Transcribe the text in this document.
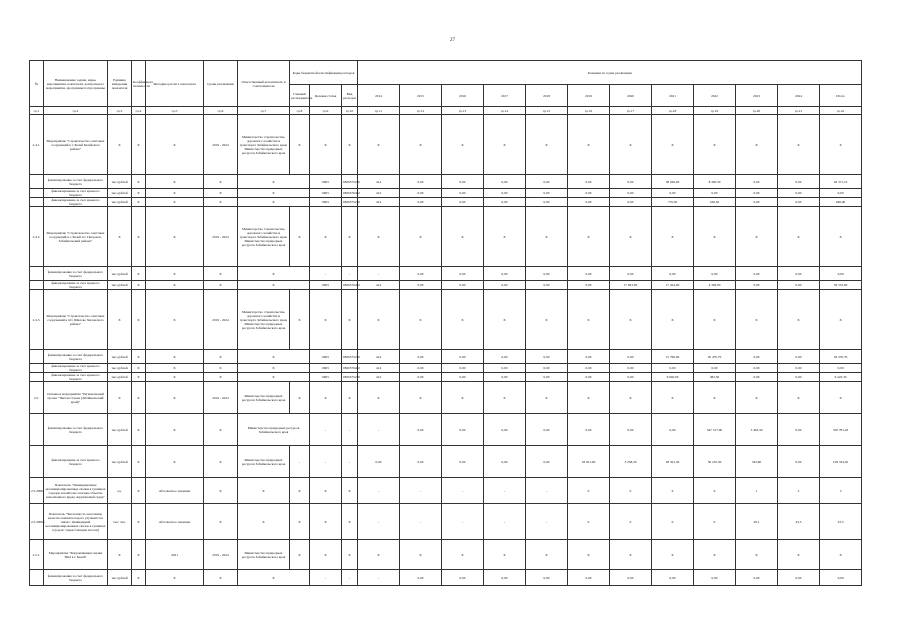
27
№	Наименование задачи, меры, мероприятия, показателя, контрольного мероприятия, программы/госпрограммы	Единица измерения показателя	Коэффициент значимости	Методика расчета показателя	Сроки реализации	Ответственный исполнитель и соисполнители	Коды бюджетной классификации расходов			Значения по годам реализации											
							Главный распорядитель	Целевая статья	Вид расходов	2014	2015	2016	2017	2018	2019	2020	2021	2022	2023	2024	Итого
гр.1	гр.2	гр.3	гр.4	гр.5	гр.6	гр.7	гр.8	гр.9	гр.10	гр.11	гр.12	гр.13	гр.14	гр.15	гр.16	гр.17	гр.18	гр.19	гр.20	гр.21	гр.22
2.4.1.	Мероприятие "Строительство очистных сооружений в г. Балей Балейского района"	X	X	X	2019 - 2024	Министерство строительства, дорожного хозяйства и транспорта Забайкальского края, Министерство природных ресурсов Забайкальского края	X	X	X	X	X	X	X	X	X	X	X	X	X	X	X
	финансирование за счет федерального бюджета	тыс.рублей	X	X	X	X		0605	0820375250	414	0,00	0,00	0,00	0,00	0,00	0,00	38 049,00	8 300,30	0,00	0,00	46 371,10
	финансирование за счет краевого бюджета	тыс.рублей	X	X	X	X		0605	0820376402	414	0,00	0,00	0,00	0,00	0,00	0,00	0,00	0,00	0,00	0,00	0,00
	финансирование за счет краевого бюджета	тыс.рублей	X	X	X	X		0605	0820375250	414	0,00	0,00	0,00	0,00	0,00	0,00	776,30	169,50	0,00	0,00	946,00
2.4.2.	Мероприятие "Строительство очистных сооружений в г. Балей и г. Петровск-Забайкальский района"	X	X	X	2019 - 2024	Министерство строительства, дорожного хозяйства и транспорта Забайкальского края, Министерство природных ресурсов Забайкальского края	X	X	X	X	X	X	X	X	X	X	X	X	X	X	X
	финансирование за счет федерального бюджета	тыс.рублей	X	X	X	X		-	-	-	0,00	0,00	0,00	0,00	0,00	0,00	0,00	0,00	0,00	0,00	0,00
	финансирование за счет краевого бюджета	тыс.рублей	X	X	X	X		0605	0820376402	414	0,00	0,00	0,00	0,00	0,00	17 823,90	17 424,00	4 306,00	0,00	0,00	39 553,90
2.4.3.	Мероприятие "Строительство очистных сооружений в пгт. Шилово Хилокского района"	X	X	X	2019 - 2024	Министерство строительства, дорожного хозяйства и транспорта Забайкальского края, Министерство природных ресурсов Забайкальского края	X	X	X	X	X	X	X	X	X	X	X	X	X	X	X
	финансирование за счет федерального бюджета	тыс.рублей	X	X	X	X		0605	0820375250	414	0,00	0,00	0,00	0,00	0,00	0,00	15 790,00	20 470,70	0,00	0,00	36 370,70
	финансирование за счет краевого бюджета	тыс.рублей	X	X	X	X		0605	0820376402	414	0,00	0,00	0,00	0,00	0,00	0,00	0,00	0,00	0,00	0,00	0,00
	финансирование за счет краевого бюджета	тыс.рублей	X	X	X	X		0605	0820375250	414	0,00	0,00	0,00	0,00	0,00	0,00	6 040,00	382,30	0,00	0,00	6 422,30
2.5.	Основное мероприятие "Региональный проект "Чистая страна (Забайкальский край)"	X	X	X	2019 - 2024	Министерство природных ресурсов Забайкальского края	X	X	X	X	X	X	X	X	X	X	X	X	X	X	X
	финансирование за счет федерального бюджета	тыс.рублей	X	X	X	Министерство природных ресурсов Забайкальского края		-	-	-	0,00	0,00	0,00	0,00	0,00	0,00	0,00	347 317,90	3 463,30	0,00	350 781,20
	финансирование за счет краевого бюджета	тыс.рублей	X	X	X	Министерство природных ресурсов Забайкальского края	-	-	-	0,00	0,00	0,00	0,00	0,00	18 021,00	3 258,30	28 501,30	59 210,30	343,60	0,00	109 334,50
2.5.2006	Показатель "Ликвидированы несанкционированные свалки в границах городов и наиболее опасные объекты накопленного вреда окружающей среде"	ед.	X	Абсолютное значение	X	X	X	X	X	-	-	-	-	-	0	0	6	6	1	3	3
2.5.2006б	Показатель "Численность населения, качество жизни которого улучшится в связи с ликвидацией несанкционированных свалок в границах городов" (нарастающим итогом)	тыс. чел.	X	Абсолютное значение	X	X	X	X	X	-	-	-	-	-	0	0	0	0	29,1	43,5	43,5
2.5.1.	Мероприятие "Рекультивация свалки ТКО в г. Балей"	X	X	2021	2019 - 2024	Министерство природных ресурсов Забайкальского края	X	X	X	X	X	X	X	X	X	X	X	X	X	X	X
	финансирование за счет федерального бюджета	тыс.рублей	X	X	X	X		-	-	-	0,00	0,00	0,00	0,00	0,00	0,00	0,00	0,00	0,00	0,00	0,00
